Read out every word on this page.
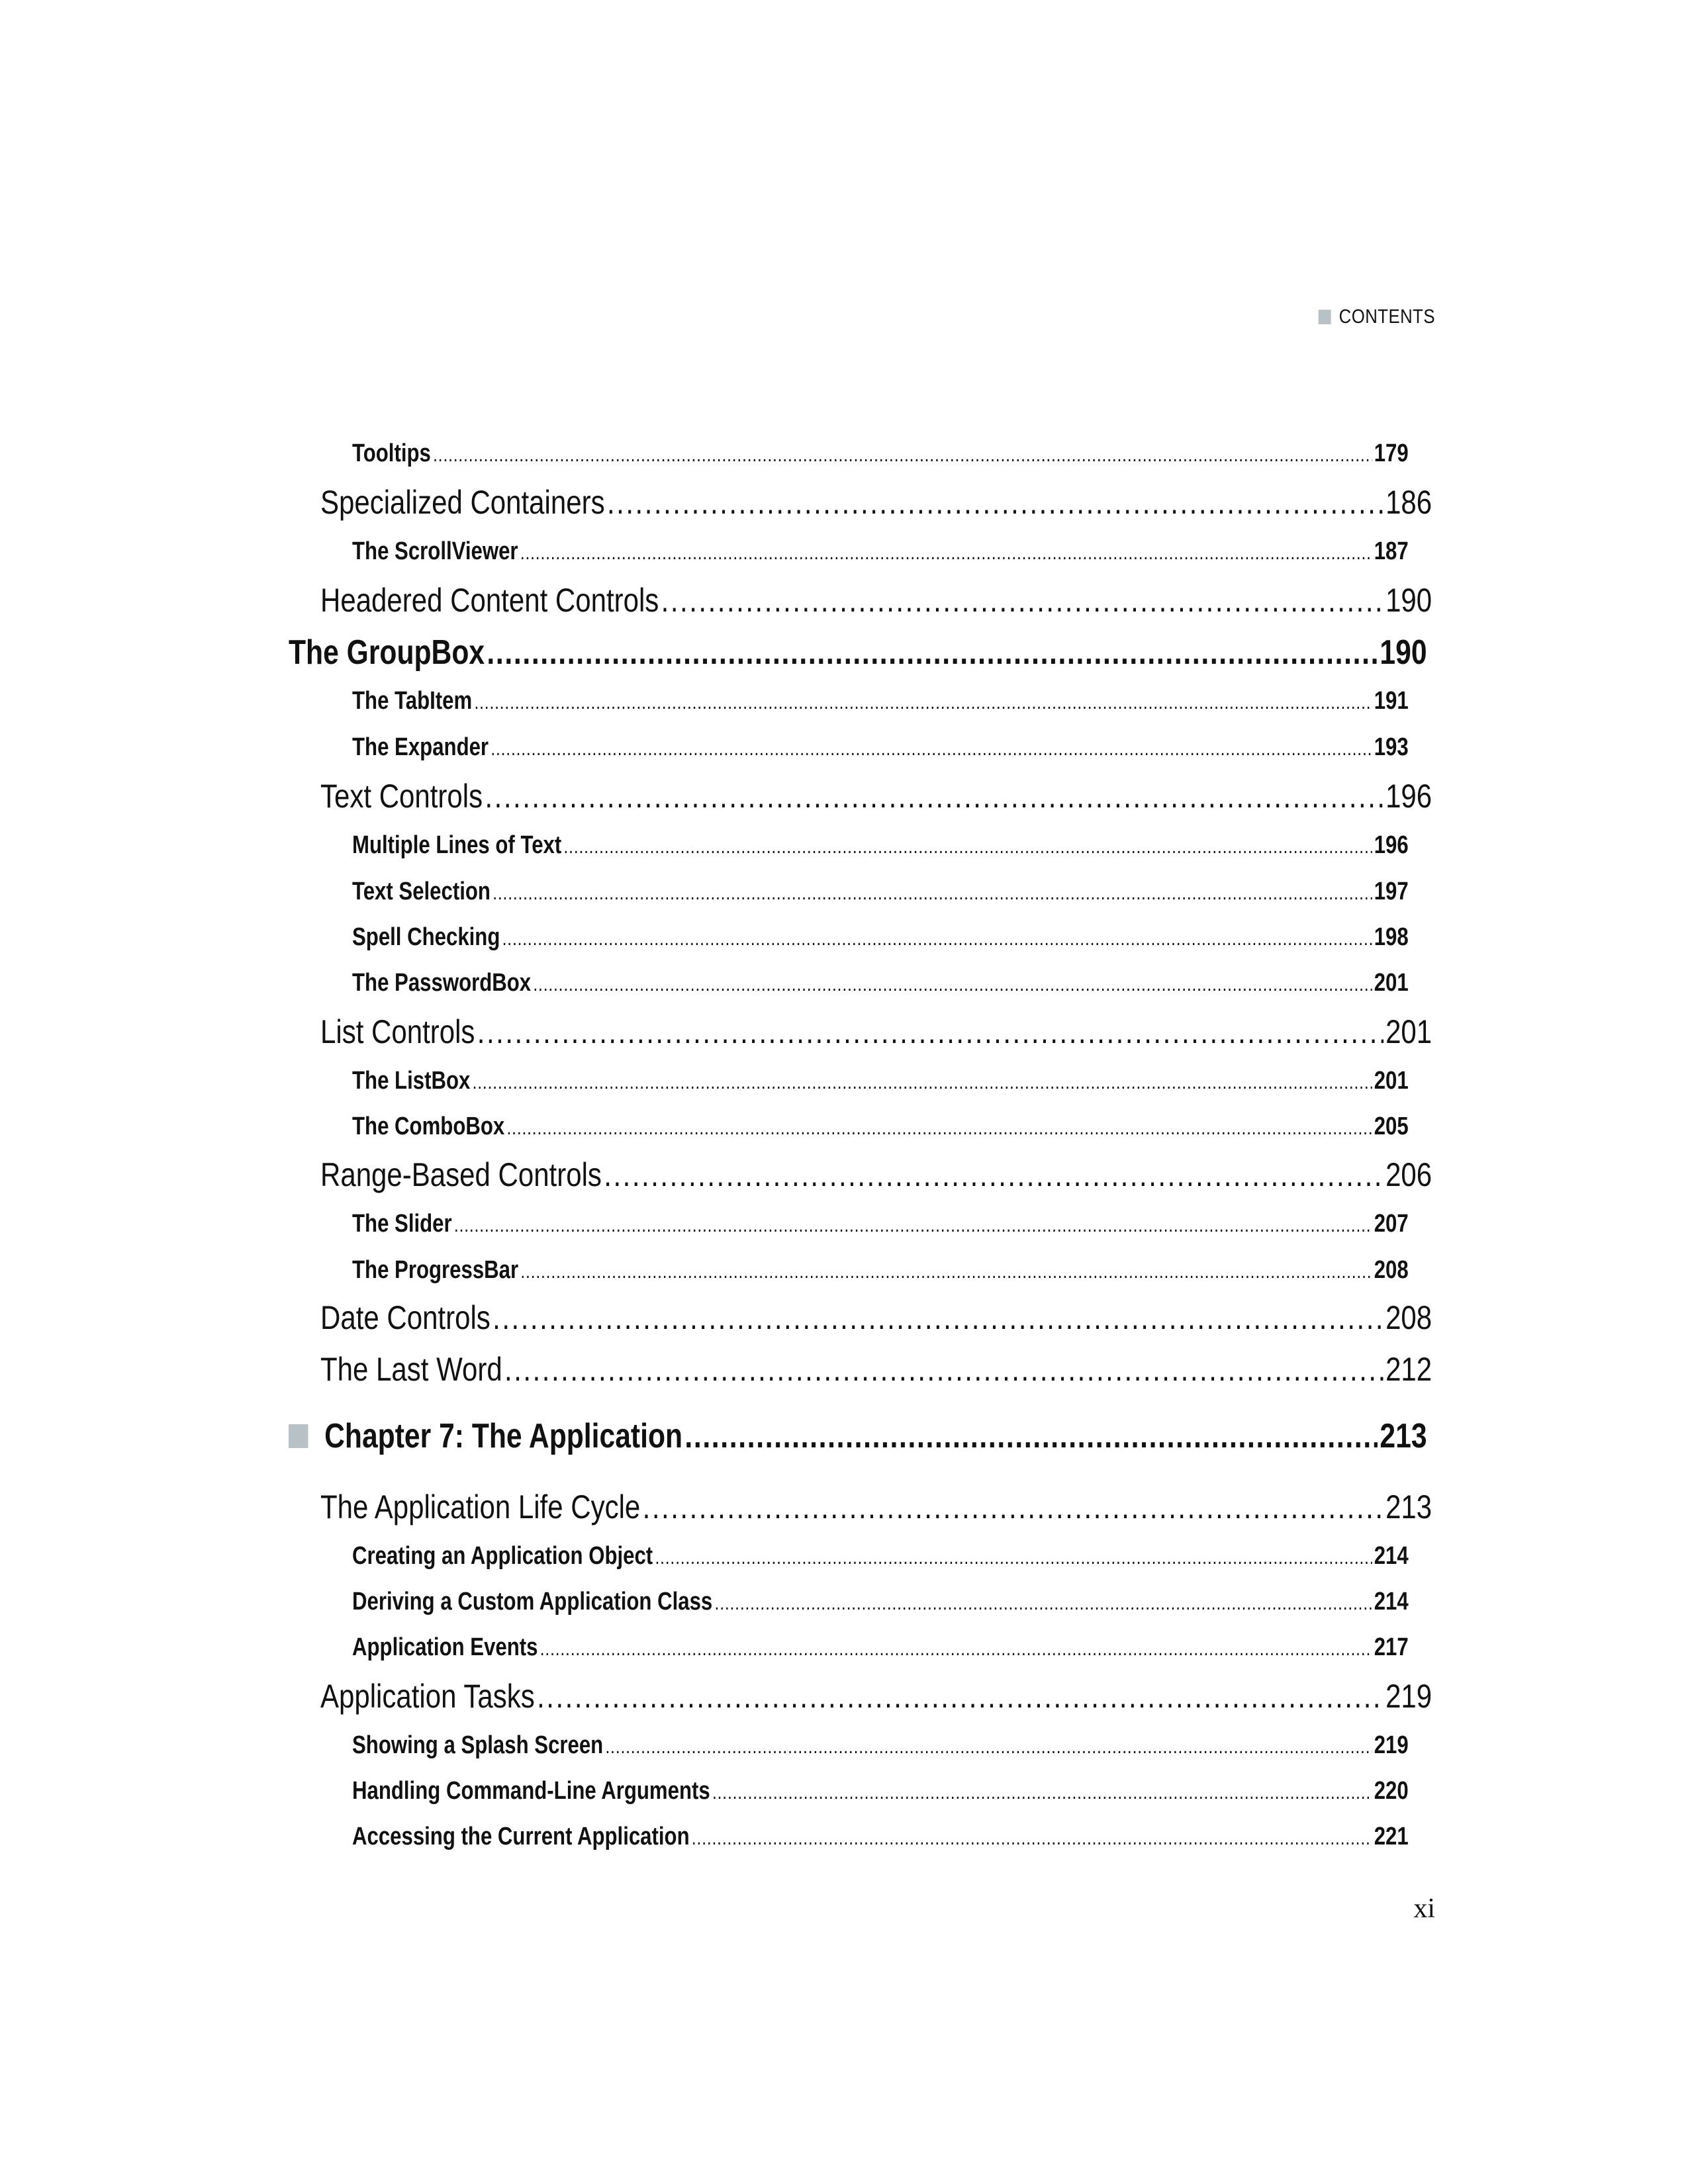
CONTENTS
Tooltips .....	179
Specialized Containers .....	186
The ScrollViewer .....	187
Headered Content Controls .....	190
The GroupBox .....	190
The TabItem .....	191
The Expander .....	193
Text Controls .....	196
Multiple Lines of Text .....	196
Text Selection .....	197
Spell Checking .....	198
The PasswordBox .....	201
List Controls .....	201
The ListBox .....	201
The ComboBox .....	205
Range-Based Controls .....	206
The Slider .....	207
The ProgressBar .....	208
Date Controls .....	208
The Last Word .....	212
Chapter 7: The Application .....	213
The Application Life Cycle .....	213
Creating an Application Object .....	214
Deriving a Custom Application Class .....	214
Application Events .....	217
Application Tasks .....	219
Showing a Splash Screen .....	219
Handling Command-Line Arguments .....	220
Accessing the Current Application .....	221
xi
